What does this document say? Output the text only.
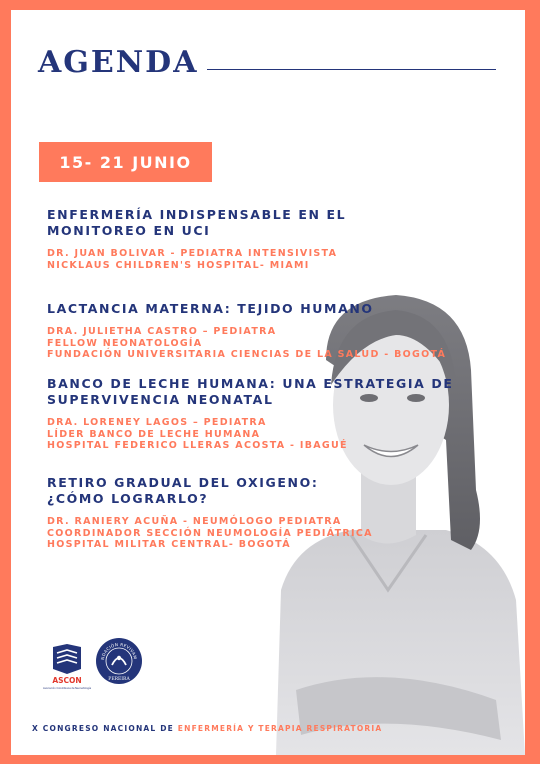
AGENDA
15- 21 JUNIO
ENFERMERÍA INDISPENSABLE EN EL MONITOREO EN UCI
DR. JUAN BOLIVAR - PEDIATRA INTENSIVISTA
NICKLAUS CHILDREN'S HOSPITAL- MIAMI
LACTANCIA MATERNA: TEJIDO HUMANO
DRA. JULIETHA CASTRO – PEDIATRA
FELLOW NEONATOLOGÍA
FUNDACIÓN UNIVERSITARIA CIENCIAS DE LA SALUD - BOGOTÁ
BANCO DE LECHE HUMANA: UNA ESTRATEGIA DE SUPERVIVENCIA NEONATAL
DRA. LORENEY LAGOS – PEDIATRA
LÍDER BANCO DE LECHE HUMANA
HOSPITAL FEDERICO LLERAS ACOSTA - IBAGUÉ
RETIRO GRADUAL DEL OXIGENO:
¿CÓMO LOGRARLO?
DR. RANIERY ACUÑA - NEUMÓLOGO PEDIATRA
COORDINADOR SECCIÓN NEUMOLOGÍA PEDIÁTRICA
HOSPITAL MILITAR CENTRAL- BOGOTÁ
ASCON
Asociación Colombiana de Neonatología
NDACIÓN REVIVAM
PEREIRA
X CONGRESO NACIONAL DE ENFERMERÍA Y TERAPIA RESPIRATORIA
